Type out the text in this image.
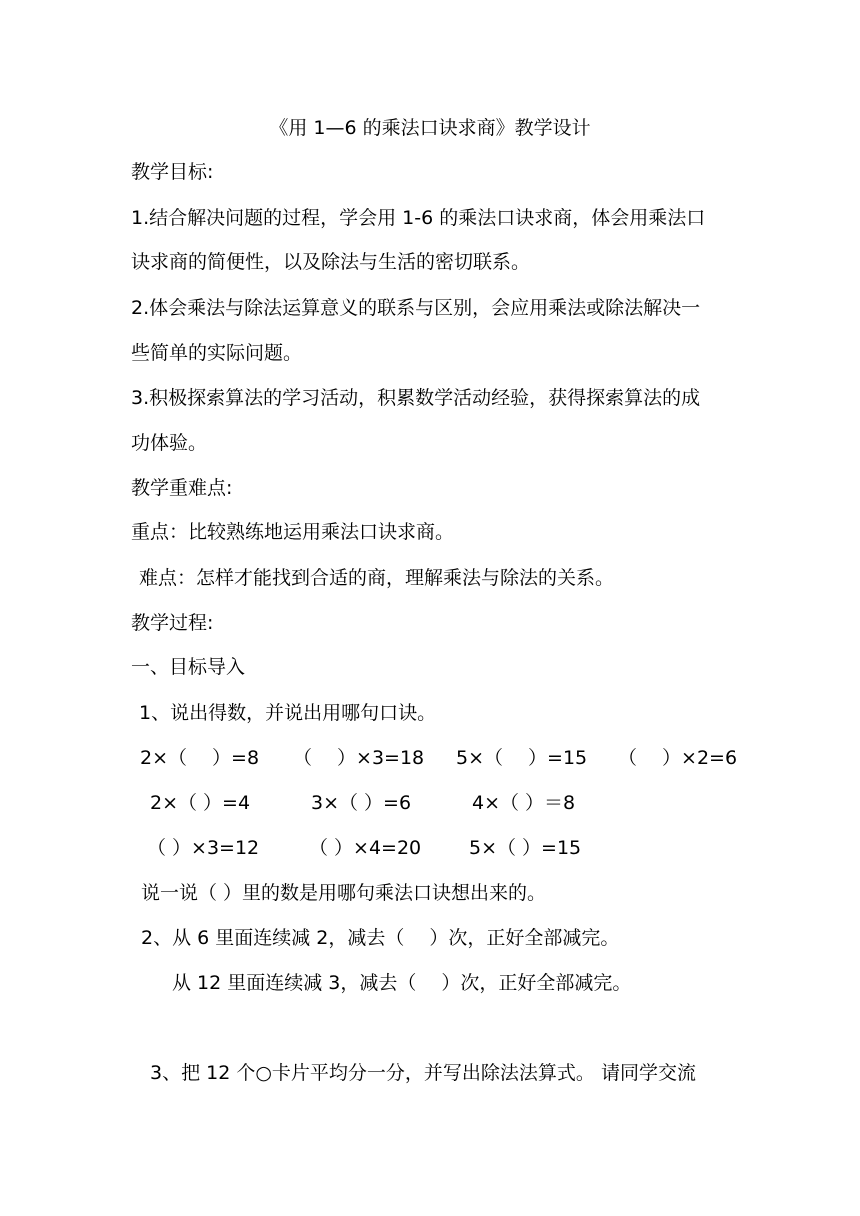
《用 1—6 的乘法口诀求商》教学设计

教学目标:

1.结合解决问题的过程，学会用 1-6 的乘法口诀求商，体会用乘法口

诀求商的简便性，以及除法与生活的密切联系。

2.体会乘法与除法运算意义的联系与区别，会应用乘法或除法解决一

些简单的实际问题。

3.积极探索算法的学习活动，积累数学活动经验，获得探索算法的成

功体验。

教学重难点:

重点：比较熟练地运用乘法口诀求商。

难点：怎样才能找到合适的商，理解乘法与除法的关系。

教学过程:

一、目标导入

1、说出得数，并说出用哪句口诀。

2×（　 ）=8 （　 ）×3=18 5×（　 ）=15 （　 ）×2=6
2×（ ）=4	3×（ ）=6	4×（ ）＝8
（ ）×3=12	（ ）×4=20	5×（ ）=15

说一说（ ）里的数是用哪句乘法口诀想出来的。

2、从 6 里面连续减 2，减去（　 ）次，正好全部减完。

从 12 里面连续减 3，减去（　 ）次，正好全部减完。

3、把 12 个○卡片平均分一分，并写出除法法算式。 请同学交流
